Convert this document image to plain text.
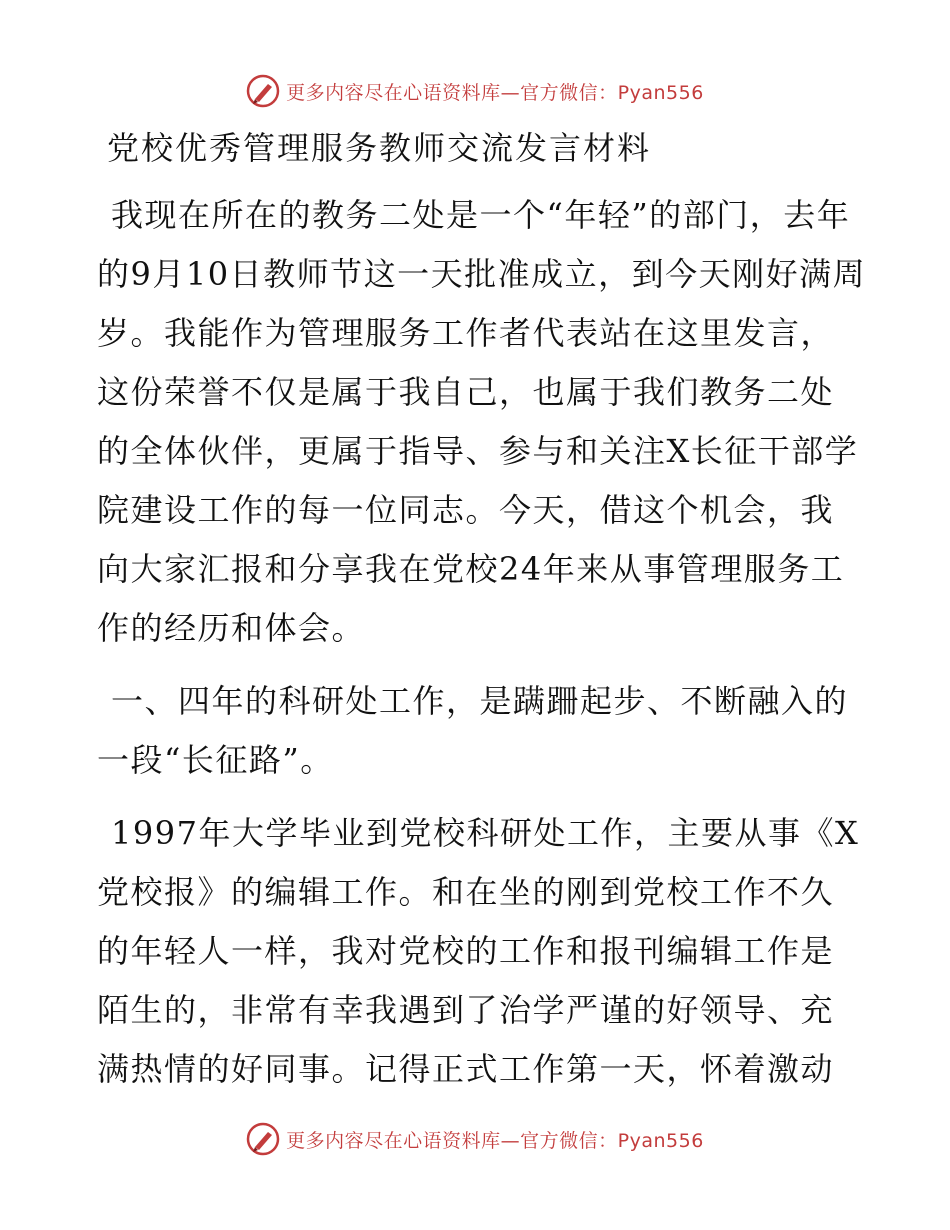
更多内容尽在心语资料库—官方微信：Pyan556
党校优秀管理服务教师交流发言材料

我现在所在的教务二处是一个“年轻”的部门，去年的9月10日教师节这一天批准成立，到今天刚好满周岁。我能作为管理服务工作者代表站在这里发言，这份荣誉不仅是属于我自己，也属于我们教务二处的全体伙伴，更属于指导、参与和关注X长征干部学院建设工作的每一位同志。今天，借这个机会，我向大家汇报和分享我在党校24年来从事管理服务工作的经历和体会。

一、四年的科研处工作，是蹒跚起步、不断融入的一段“长征路”。

1997年大学毕业到党校科研处工作，主要从事《X党校报》的编辑工作。和在坐的刚到党校工作不久的年轻人一样，我对党校的工作和报刊编辑工作是陌生的，非常有幸我遇到了治学严谨的好领导、充满热情的好同事。记得正式工作第一天，怀着激动

更多内容尽在心语资料库—官方微信：Pyan556
